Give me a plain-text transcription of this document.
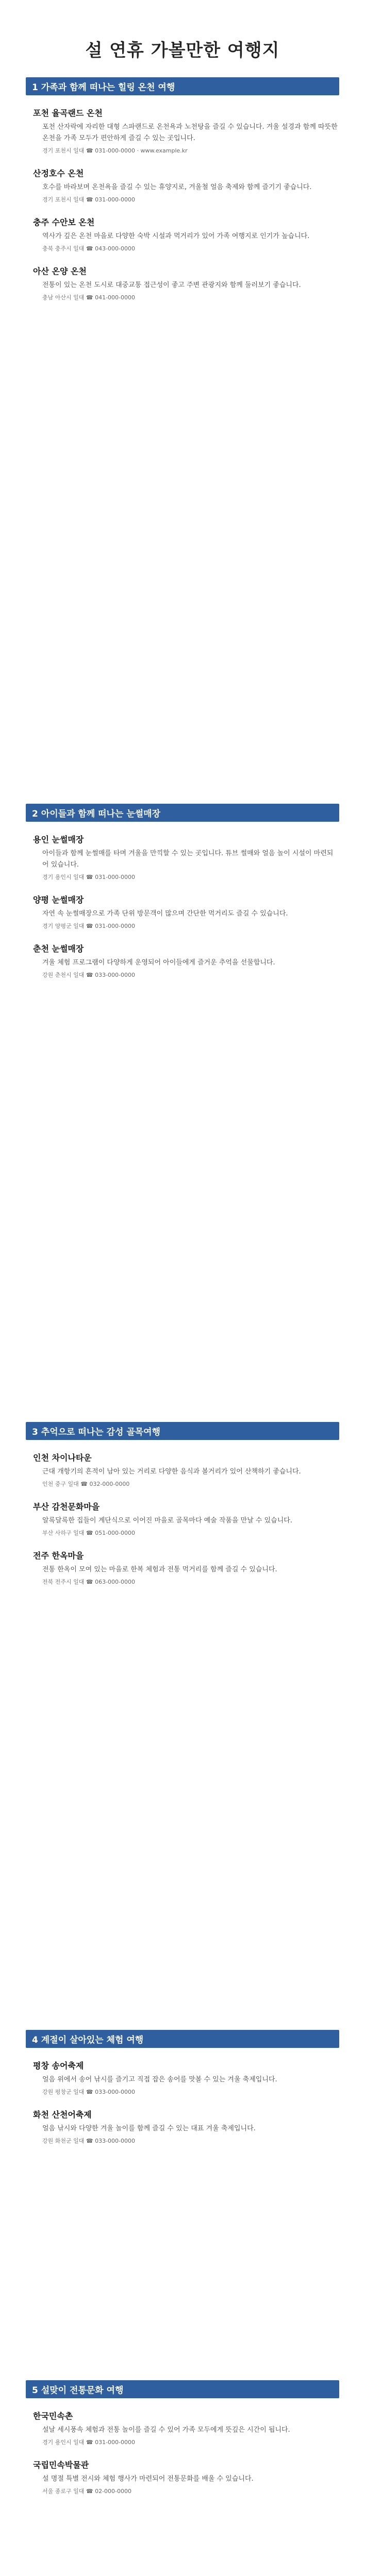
설 연휴 가볼만한 여행지
1 가족과 함께 떠나는 힐링 온천 여행

포천 율곡랜드 온천

포천 산자락에 자리한 대형 스파랜드로 온천욕과 노천탕을 즐길 수 있습니다. 겨울 설경과 함께 따뜻한 온천을 가족 모두가 편안하게 즐길 수 있는 곳입니다.

경기 포천시 일대 ☎ 031-000-0000 · www.example.kr

산정호수 온천

호수를 바라보며 온천욕을 즐길 수 있는 휴양지로, 겨울철 얼음 축제와 함께 즐기기 좋습니다.

경기 포천시 일대 ☎ 031-000-0000

충주 수안보 온천

역사가 깊은 온천 마을로 다양한 숙박 시설과 먹거리가 있어 가족 여행지로 인기가 높습니다.

충북 충주시 일대 ☎ 043-000-0000

아산 온양 온천

전통이 있는 온천 도시로 대중교통 접근성이 좋고 주변 관광지와 함께 둘러보기 좋습니다.

충남 아산시 일대 ☎ 041-000-0000

2 아이들과 함께 떠나는 눈썰매장

용인 눈썰매장

아이들과 함께 눈썰매를 타며 겨울을 만끽할 수 있는 곳입니다. 튜브 썰매와 얼음 놀이 시설이 마련되어 있습니다.

경기 용인시 일대 ☎ 031-000-0000

양평 눈썰매장

자연 속 눈썰매장으로 가족 단위 방문객이 많으며 간단한 먹거리도 즐길 수 있습니다.

경기 양평군 일대 ☎ 031-000-0000

춘천 눈썰매장

겨울 체험 프로그램이 다양하게 운영되어 아이들에게 즐거운 추억을 선물합니다.

강원 춘천시 일대 ☎ 033-000-0000

3 추억으로 떠나는 감성 골목여행

인천 차이나타운

근대 개항기의 흔적이 남아 있는 거리로 다양한 음식과 볼거리가 있어 산책하기 좋습니다.

인천 중구 일대 ☎ 032-000-0000

부산 감천문화마을

알록달록한 집들이 계단식으로 이어진 마을로 골목마다 예술 작품을 만날 수 있습니다.

부산 사하구 일대 ☎ 051-000-0000

전주 한옥마을

전통 한옥이 모여 있는 마을로 한복 체험과 전통 먹거리를 함께 즐길 수 있습니다.

전북 전주시 일대 ☎ 063-000-0000

4 계절이 살아있는 체험 여행

평창 송어축제

얼음 위에서 송어 낚시를 즐기고 직접 잡은 송어를 맛볼 수 있는 겨울 축제입니다.

강원 평창군 일대 ☎ 033-000-0000

화천 산천어축제

얼음 낚시와 다양한 겨울 놀이를 함께 즐길 수 있는 대표 겨울 축제입니다.

강원 화천군 일대 ☎ 033-000-0000

5 설맞이 전통문화 여행

한국민속촌

설날 세시풍속 체험과 전통 놀이를 즐길 수 있어 가족 모두에게 뜻깊은 시간이 됩니다.

경기 용인시 일대 ☎ 031-000-0000

국립민속박물관

설 명절 특별 전시와 체험 행사가 마련되어 전통문화를 배울 수 있습니다.

서울 종로구 일대 ☎ 02-000-0000
